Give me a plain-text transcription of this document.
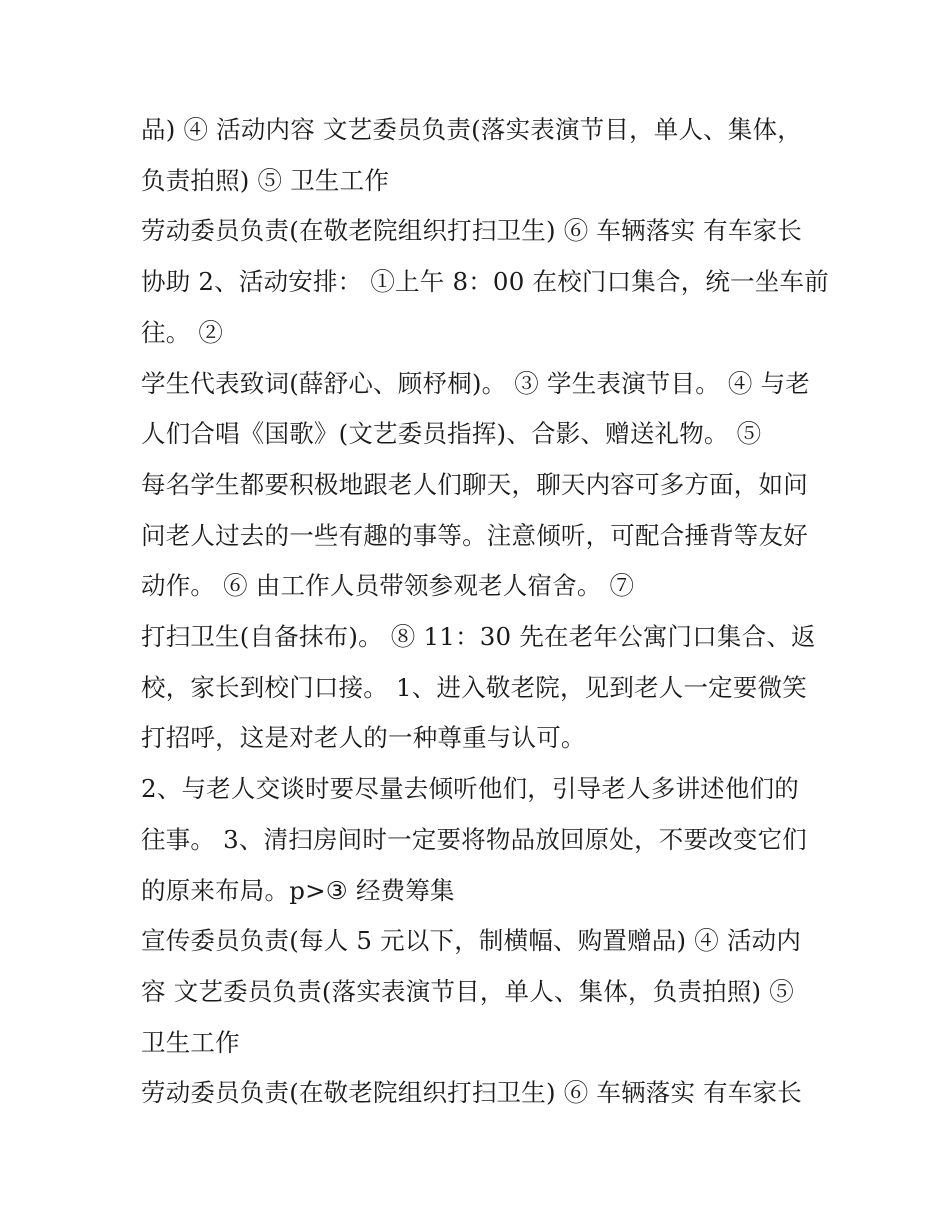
品) ④ 活动内容 文艺委员负责(落实表演节目，单人、集体，
负责拍照) ⑤ 卫生工作
劳动委员负责(在敬老院组织打扫卫生) ⑥ 车辆落实 有车家长
协助 2、活动安排： ①上午 8：00 在校门口集合，统一坐车前
往。 ②
学生代表致词(薛舒心、顾杼桐)。 ③ 学生表演节目。 ④ 与老
人们合唱《国歌》(文艺委员指挥)、合影、赠送礼物。 ⑤
每名学生都要积极地跟老人们聊天，聊天内容可多方面，如问
问老人过去的一些有趣的事等。注意倾听，可配合捶背等友好
动作。 ⑥ 由工作人员带领参观老人宿舍。 ⑦
打扫卫生(自备抹布)。 ⑧ 11：30 先在老年公寓门口集合、返
校，家长到校门口接。 1、进入敬老院，见到老人一定要微笑
打招呼，这是对老人的一种尊重与认可。
2、与老人交谈时要尽量去倾听他们，引导老人多讲述他们的
往事。 3、清扫房间时一定要将物品放回原处，不要改变它们
的原来布局。p>③ 经费筹集
宣传委员负责(每人 5 元以下，制横幅、购置赠品) ④ 活动内
容 文艺委员负责(落实表演节目，单人、集体，负责拍照) ⑤
卫生工作
劳动委员负责(在敬老院组织打扫卫生) ⑥ 车辆落实 有车家长
